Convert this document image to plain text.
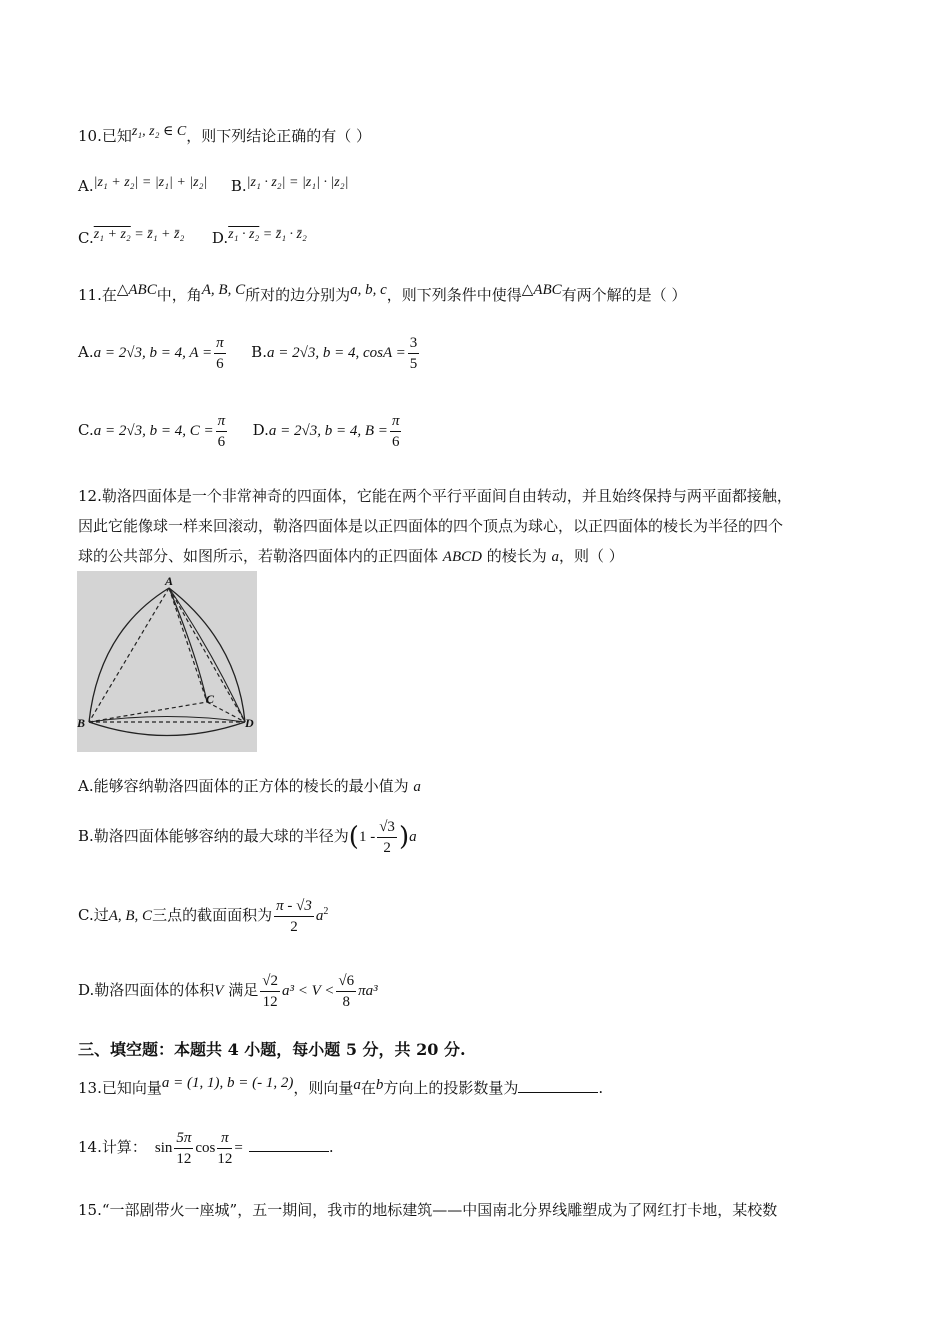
10.已知z₁, z₂ ∈ C，则下列结论正确的有（ ）
A.|z₁ + z₂| = |z₁| + |z₂| B.|z₁ · z₂| = |z₁| · |z₂|
C.z₁ + z₂ = z̄₁ + z̄₂ D.z₁ · z₂ = z̄₁ · z̄₂
11.在△ABC中，角A, B, C所对的边分别为a, b, c，则下列条件中使得△ABC有两个解的是（ ）
A.a = 2√3, b = 4, $A = \frac{\pi}{6} B.a = 2√3$, b = 4, $\cos A = \frac{3}{5}$
C.a = 2√3, b = 4, $C = \frac{\pi}{6} D.a = 2√3$, b = 4, $B = \frac{\pi}{6}$
12.勒洛四面体是一个非常神奇的四面体，它能在两个平行平面间自由转动，并且始终保持与两平面都接触，
因此它能像球一样来回滚动，勒洛四面体是以正四面体的四个顶点为球心，以正四面体的棱长为半径的四个
球的公共部分、如图所示，若勒洛四面体内的正四面体 ABCD 的棱长为 a，则（ ）
A
B
C
D
A.能够容纳勒洛四面体的正方体的棱长的最小值为 a
B.勒洛四面体能够容纳的最大球的半径为$(1 - \frac{√3}{2} )a$
C.过A, B, C三点的截面面积为 $\frac{\pi - √3}{2} a^2$
D.勒洛四面体的体积V 满足 $\frac{√2}{12} a^3 < V < \frac{√6}{8} \pi a^3$
三、填空题：本题共 4 小题，每小题 5 分，共 20 分.
13.已知向量a = (1, 1), b = (- 1, 2)，则向量a在b方向上的投影数量为	.
14.计算： $\sin \frac{5\pi}{12}$ $\cos \frac{\pi}{12}$ =	.
15.“一部剧带火一座城”，五一期间，我市的地标建筑——中国南北分界线雕塑成为了网红打卡地，某校数
